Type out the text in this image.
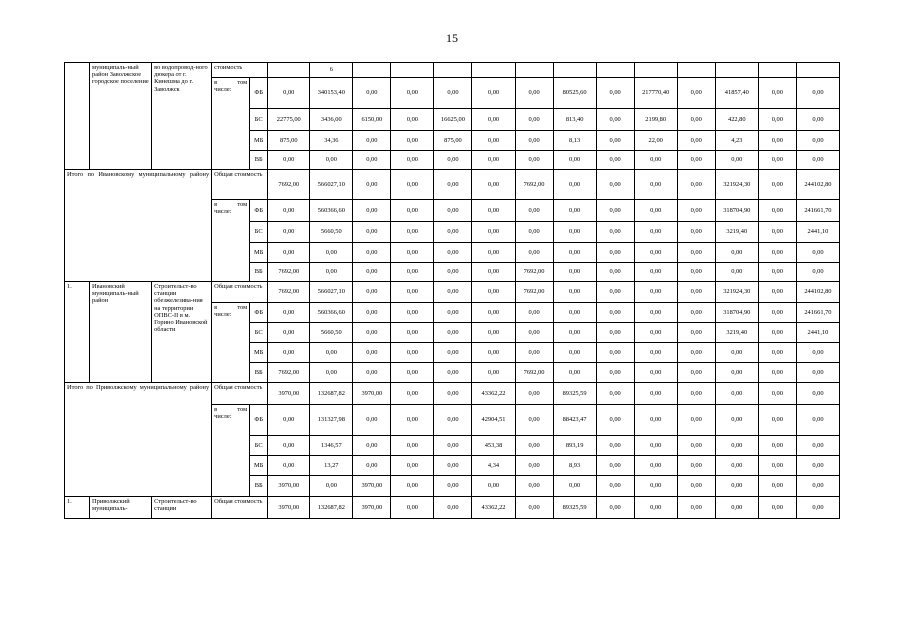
15
	муниципаль-ный район Заволжское городское поселение	во водопровод-ного дюкера от г. Кинешма до г. Заволжск	стоимость			6												
			в том числе:	ФБ	0,00	340153,40	0,00	0,00	0,00	0,00	0,00	80525,60	0,00	217770,40	0,00	41857,40	0,00	0,00
				БС	22775,00	3436,00	6150,00	0,00	16625,00	0,00	0,00	813,40	0,00	2199,80	0,00	422,80	0,00	0,00
				МБ	875,00	34,36	0,00	0,00	875,00	0,00	0,00	8,13	0,00	22,00	0,00	4,23	0,00	0,00
				ВБ	0,00	0,00	0,00	0,00	0,00	0,00	0,00	0,00	0,00	0,00	0,00	0,00	0,00	0,00
Итого по Ивановскому муниципальному району			Общая стоимость		7692,00	566027,10	0,00	0,00	0,00	0,00	7692,00	0,00	0,00	0,00	0,00	321924,30	0,00	244102,80
			в том числе:	ФБ	0,00	560366,60	0,00	0,00	0,00	0,00	0,00	0,00	0,00	0,00	0,00	318704,90	0,00	241661,70
				БС	0,00	5660,50	0,00	0,00	0,00	0,00	0,00	0,00	0,00	0,00	0,00	3219,40	0,00	2441,10
				МБ	0,00	0,00	0,00	0,00	0,00	0,00	0,00	0,00	0,00	0,00	0,00	0,00	0,00	0,00
				ВБ	7692,00	0,00	0,00	0,00	0,00	0,00	7692,00	0,00	0,00	0,00	0,00	0,00	0,00	0,00
1.	Ивановский муниципаль-ный район	Строительст-во станции обезжелезива-ния на территории ОПВС-II в м. Горино Ивановской области	Общая стоимость		7692,00	566027,10	0,00	0,00	0,00	0,00	7692,00	0,00	0,00	0,00	0,00	321924,30	0,00	244102,80
			в том числе:	ФБ	0,00	560366,60	0,00	0,00	0,00	0,00	0,00	0,00	0,00	0,00	0,00	318704,90	0,00	241661,70
				БС	0,00	5660,50	0,00	0,00	0,00	0,00	0,00	0,00	0,00	0,00	0,00	3219,40	0,00	2441,10
				МБ	0,00	0,00	0,00	0,00	0,00	0,00	0,00	0,00	0,00	0,00	0,00	0,00	0,00	0,00
				ВБ	7692,00	0,00	0,00	0,00	0,00	0,00	7692,00	0,00	0,00	0,00	0,00	0,00	0,00	0,00
Итого по Приволжскому муниципальному району			Общая стоимость		3970,00	132687,82	3970,00	0,00	0,00	43362,22	0,00	89325,59	0,00	0,00	0,00	0,00	0,00	0,00
			в том числе:	ФБ	0,00	131327,98	0,00	0,00	0,00	42904,51	0,00	88423,47	0,00	0,00	0,00	0,00	0,00	0,00
				БС	0,00	1346,57	0,00	0,00	0,00	453,38	0,00	893,19	0,00	0,00	0,00	0,00	0,00	0,00
				МБ	0,00	13,27	0,00	0,00	0,00	4,34	0,00	8,93	0,00	0,00	0,00	0,00	0,00	0,00
				ВБ	3970,00	0,00	3970,00	0,00	0,00	0,00	0,00	0,00	0,00	0,00	0,00	0,00	0,00	0,00
1.	Приволжский муниципаль-	Строительст-во станции	Общая стоимость		3970,00	132687,82	3970,00	0,00	0,00	43362,22	0,00	89325,59	0,00	0,00	0,00	0,00	0,00	0,00
